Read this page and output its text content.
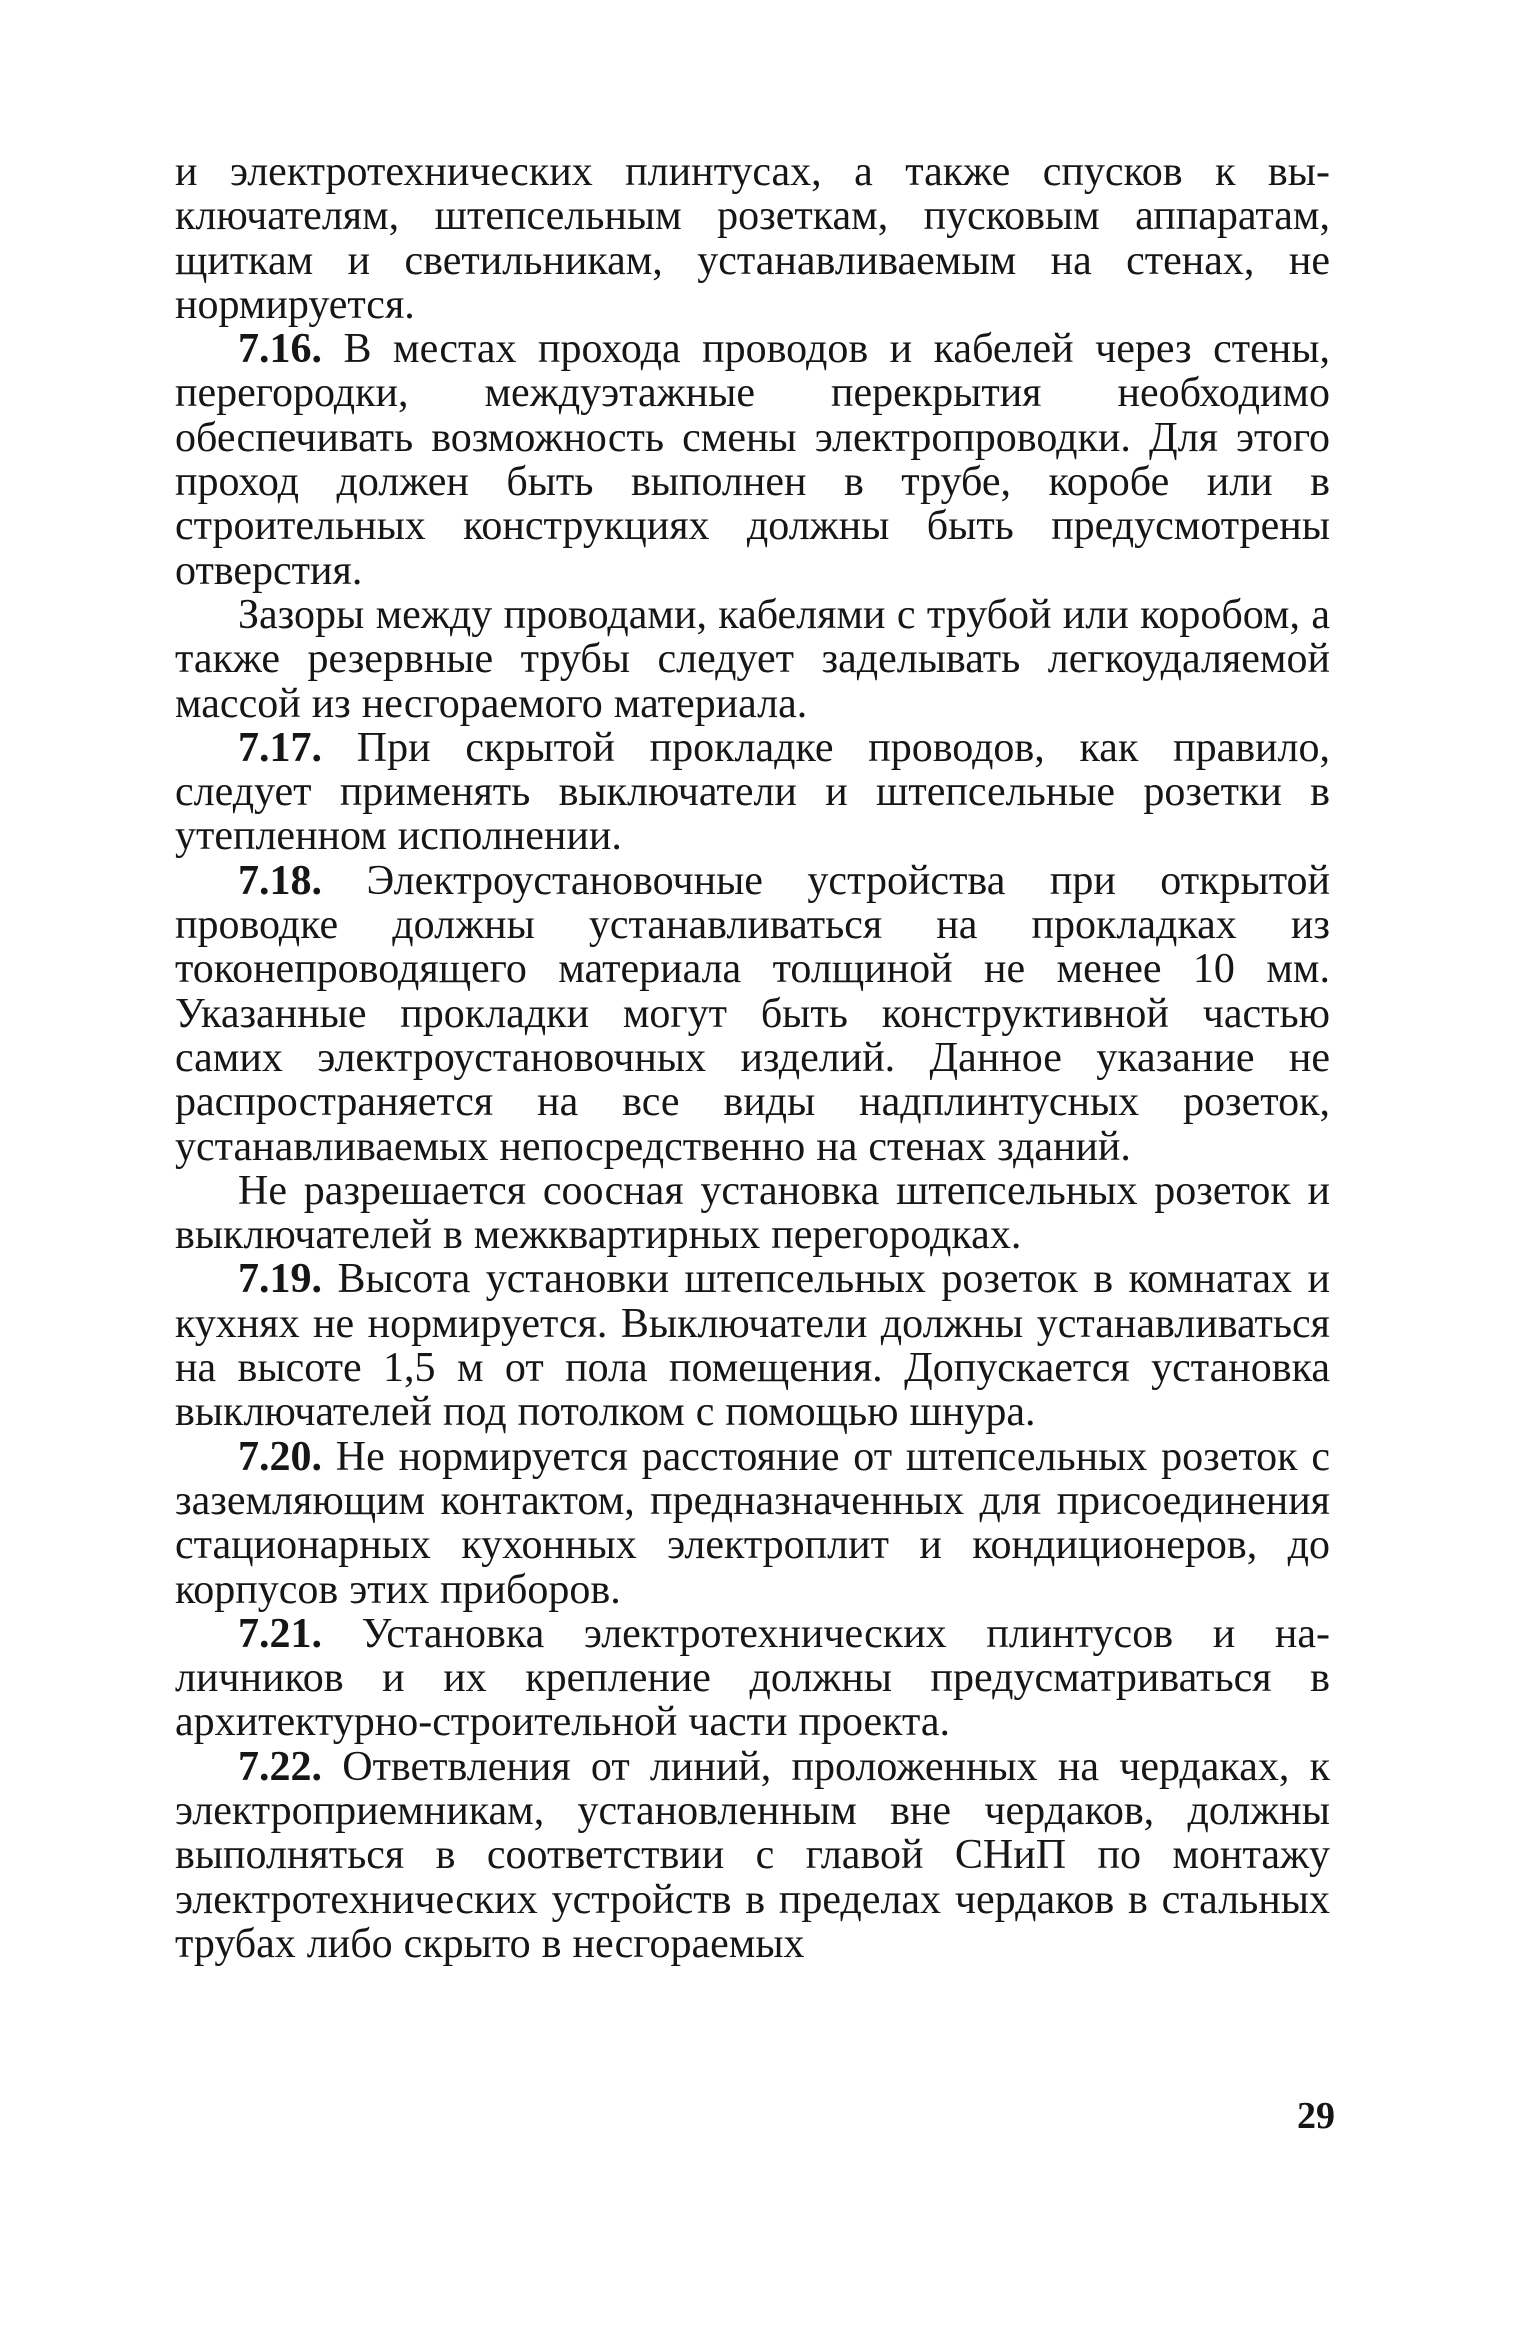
и электротехнических плинтусах, а также спусков к выключателям, штепсельным розеткам, пусковым аппаратам, щиткам и светильникам, устанавливаемым на стенах, не нормируется.

7.16. В местах прохода проводов и кабелей через стены, перегородки, междуэтажные перекрытия необходимо обеспечивать возможность смены электропроводки. Для этого проход должен быть выполнен в трубе, коробе или в строительных конструкциях должны быть предусмотрены отверстия.

Зазоры между проводами, кабелями с трубой или коробом, а также резервные трубы следует заделывать легкоудаляемой массой из несгораемого материала.

7.17. При скрытой прокладке проводов, как правило, следует применять выключатели и штепсельные розетки в утепленном исполнении.

7.18. Электроустановочные устройства при открытой проводке должны устанавливаться на прокладках из токонепроводящего материала толщиной не менее 10 мм. Указанные прокладки могут быть конструктивной частью самих электроустановочных изделий. Данное указание не распространяется на все виды надплинтусных розеток, устанавливаемых непосредственно на стенах зданий.

Не разрешается соосная установка штепсельных розеток и выключателей в межквартирных перегородках.

7.19. Высота установки штепсельных розеток в комнатах и кухнях не нормируется. Выключатели должны устанавливаться на высоте 1,5 м от пола помещения. Допускается установка выключателей под потолком с помощью шнура.

7.20. Не нормируется расстояние от штепсельных розеток с заземляющим контактом, предназначенных для присоединения стационарных кухонных электроплит и кондиционеров, до корпусов этих приборов.

7.21. Установка электротехнических плинтусов и наличников и их крепление должны предусматриваться в архитектурно-строительной части проекта.

7.22. Ответвления от линий, проложенных на чердаках, к электроприемникам, установленным вне чердаков, должны выполняться в соответствии с главой СНиП по монтажу электротехнических устройств в пределах чердаков в стальных трубах либо скрыто в несгораемых

29
